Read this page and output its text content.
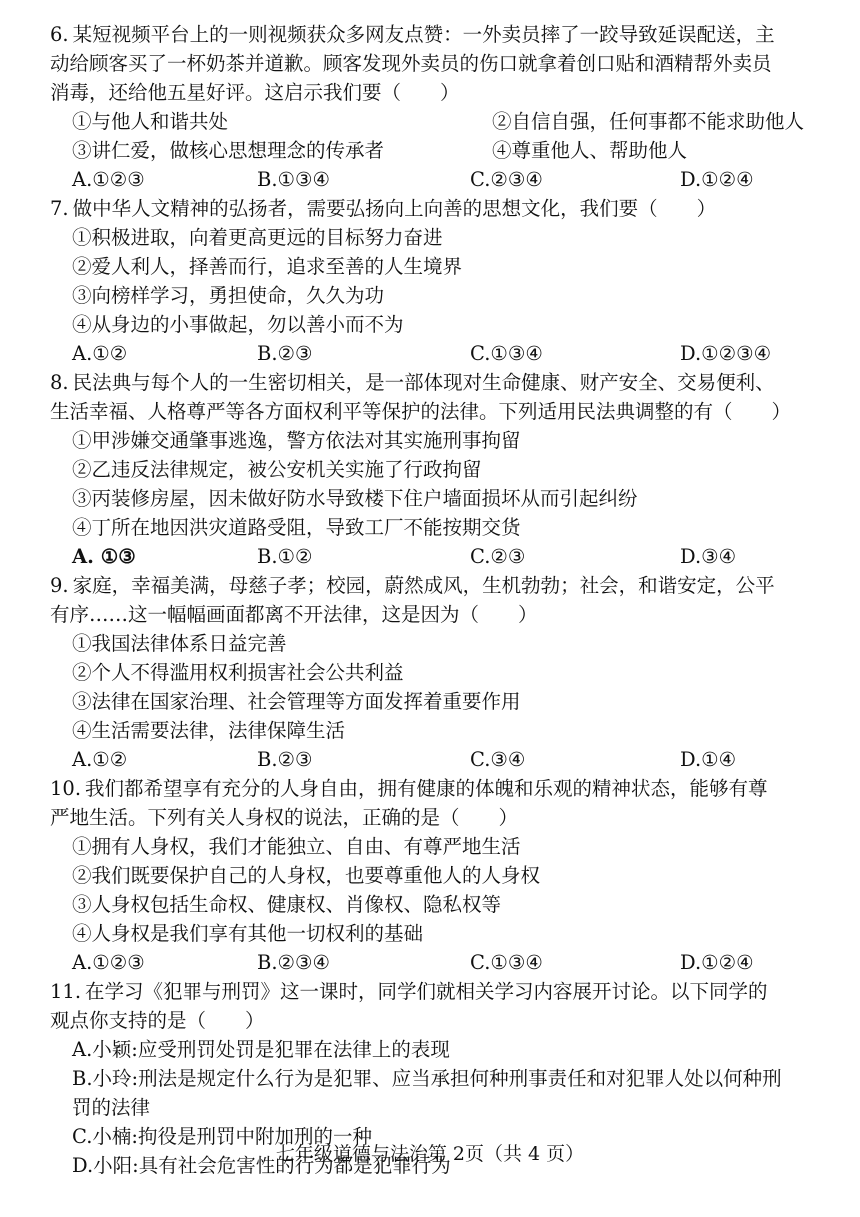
6. 某短视频平台上的一则视频获众多网友点赞：一外卖员摔了一跤导致延误配送，主

动给顾客买了一杯奶茶并道歉。顾客发现外卖员的伤口就拿着创口贴和酒精帮外卖员

消毒，还给他五星好评。这启示我们要（　　）

①与他人和谐共处	②自信自强，任何事都不能求助他人
③讲仁爱，做核心思想理念的传承者	④尊重他人、帮助他人
A.①②③	B.①③④	C.②③④	D.①②④

7. 做中华人文精神的弘扬者，需要弘扬向上向善的思想文化，我们要（　　）

①积极进取，向着更高更远的目标努力奋进

②爱人利人，择善而行，追求至善的人生境界

③向榜样学习，勇担使命，久久为功

④从身边的小事做起，勿以善小而不为

A.①②	B.②③	C.①③④	D.①②③④

8. 民法典与每个人的一生密切相关，是一部体现对生命健康、财产安全、交易便利、

生活幸福、人格尊严等各方面权利平等保护的法律。下列适用民法典调整的有（　　）

①甲涉嫌交通肇事逃逸，警方依法对其实施刑事拘留

②乙违反法律规定，被公安机关实施了行政拘留

③丙装修房屋，因未做好防水导致楼下住户墙面损坏从而引起纠纷

④丁所在地因洪灾道路受阻，导致工厂不能按期交货

A. ①③	B.①②	C.②③	D.③④

9. 家庭，幸福美满，母慈子孝；校园，蔚然成风，生机勃勃；社会，和谐安定，公平

有序……这一幅幅画面都离不开法律，这是因为（　　）

①我国法律体系日益完善

②个人不得滥用权利损害社会公共利益

③法律在国家治理、社会管理等方面发挥着重要作用

④生活需要法律，法律保障生活

A.①②	B.②③	C.③④	D.①④

10. 我们都希望享有充分的人身自由，拥有健康的体魄和乐观的精神状态，能够有尊

严地生活。下列有关人身权的说法，正确的是（　　）

①拥有人身权，我们才能独立、自由、有尊严地生活

②我们既要保护自己的人身权，也要尊重他人的人身权

③人身权包括生命权、健康权、肖像权、隐私权等

④人身权是我们享有其他一切权利的基础

A.①②③	B.②③④	C.①③④	D.①②④

11. 在学习《犯罪与刑罚》这一课时，同学们就相关学习内容展开讨论。以下同学的

观点你支持的是（　　）

A.小颖:应受刑罚处罚是犯罪在法律上的表现

B.小玲:刑法是规定什么行为是犯罪、应当承担何种刑事责任和对犯罪人处以何种刑

罚的法律

C.小楠:拘役是刑罚中附加刑的一种

D.小阳:具有社会危害性的行为都是犯罪行为

七年级道德与法治第 2页（共 4 页）
